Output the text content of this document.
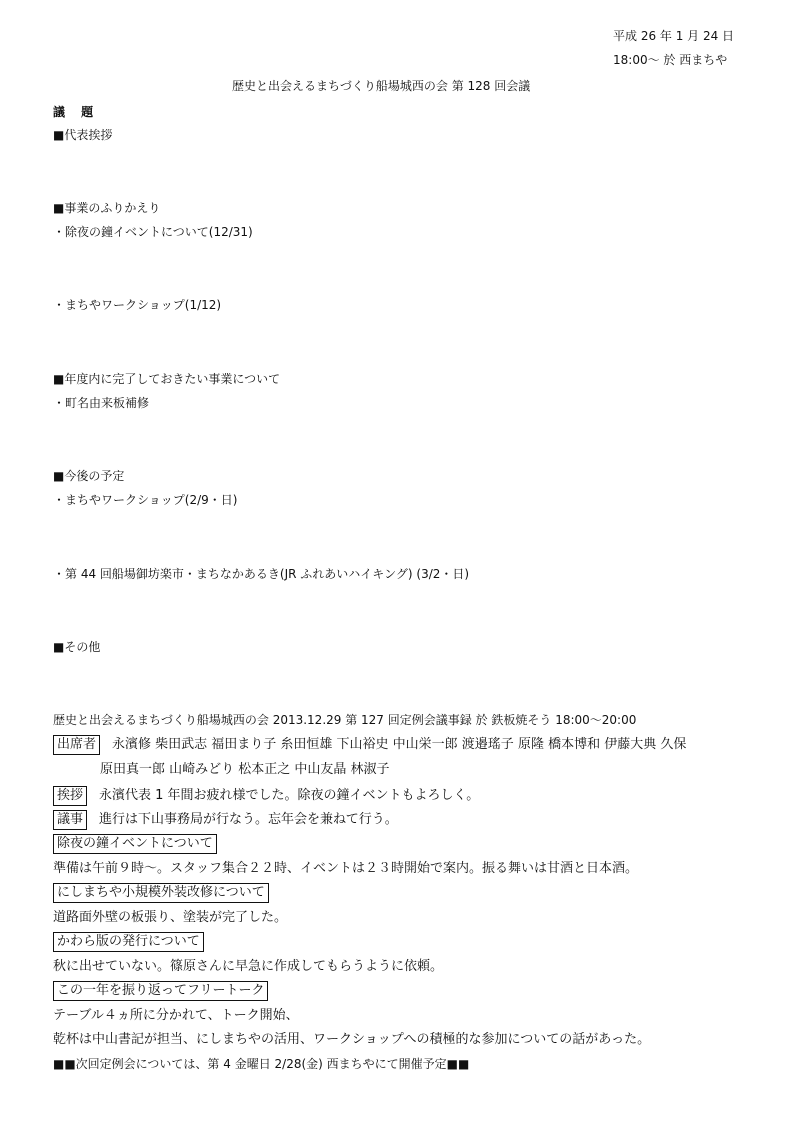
平成 26 年 1 月 24 日
18:00～ 於 西まちや
歴史と出会えるまちづくり船場城西の会 第 128 回会議
議 題
■代表挨拶
■事業のふりかえり
・除夜の鐘イベントについて(12/31)
・まちやワークショップ(1/12)
■年度内に完了しておきたい事業について
・町名由来板補修
■今後の予定
・まちやワークショップ(2/9・日)
・第 44 回船場御坊楽市・まちなかあるき(JR ふれあいハイキング) (3/2・日)
■その他
歴史と出会えるまちづくり船場城西の会 2013.12.29 第 127 回定例会議事録 於 鉄板焼そう 18:00～20:00
出席者 永濱修 柴田武志 福田まり子 糸田恒雄 下山裕史 中山栄一郎 渡邉瑤子 原隆 橋本博和 伊藤大典 久保
原田真一郎 山崎みどり 松本正之 中山友晶 林淑子
挨拶 永濱代表 1 年間お疲れ様でした。除夜の鐘イベントもよろしく。
議事 進行は下山事務局が行なう。忘年会を兼ねて行う。
除夜の鐘イベントについて
準備は午前９時～。スタッフ集合２２時、イベントは２３時開始で案内。振る舞いは甘酒と日本酒。
にしまちや小規模外装改修について
道路面外壁の板張り、塗装が完了した。
かわら版の発行について
秋に出せていない。篠原さんに早急に作成してもらうように依頼。
この一年を振り返ってフリートーク
テーブル４ヵ所に分かれて、トーク開始、
乾杯は中山書記が担当、にしまちやの活用、ワークショップへの積極的な参加についての話があった。
■■次回定例会については、第 4 金曜日 2/28(金) 西まちやにて開催予定■■
